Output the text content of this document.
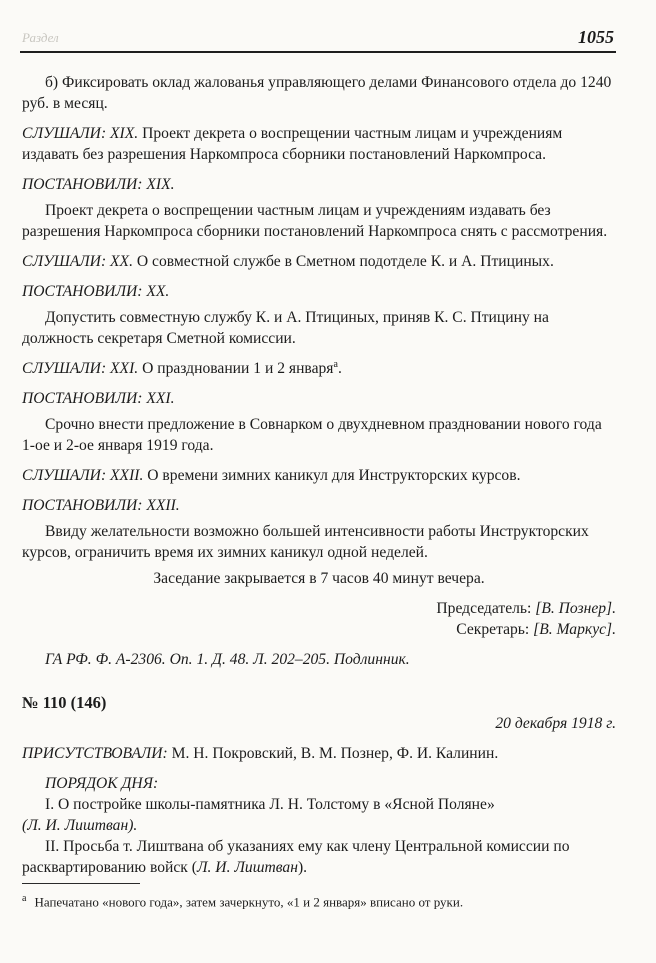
Раздел	1055

б) Фиксировать оклад жалованья управляющего делами Финансового отдела до 1240 руб. в месяц.

СЛУШАЛИ: XIX. Проект декрета о воспрещении частным лицам и учреждениям издавать без разрешения Наркомпроса сборники постановлений Наркомпроса.

ПОСТАНОВИЛИ: XIX.

Проект декрета о воспрещении частным лицам и учреждениям издавать без разрешения Наркомпроса сборники постановлений Наркомпроса снять с рассмотрения.

СЛУШАЛИ: XX. О совместной службе в Сметном подотделе К. и А. Птициных.

ПОСТАНОВИЛИ: XX.

Допустить совместную службу К. и А. Птициных, приняв К. С. Птицину на должность секретаря Сметной комиссии.

СЛУШАЛИ: XXI. О праздновании 1 и 2 января$^а$.

ПОСТАНОВИЛИ: XXI.

Срочно внести предложение в Совнарком о двухдневном праздновании нового года 1-ое и 2-ое января 1919 года.

СЛУШАЛИ: XXII. О времени зимних каникул для Инструкторских курсов.

ПОСТАНОВИЛИ: XXII.

Ввиду желательности возможно большей интенсивности работы Инструкторских курсов, ограничить время их зимних каникул одной неделей.

Заседание закрывается в 7 часов 40 минут вечера.

Председатель: [В. Познер].

Секретарь: [В. Маркус].

ГА РФ. Ф. А-2306. Оп. 1. Д. 48. Л. 202–205. Подлинник.

№ 110 (146)

20 декабря 1918 г.

ПРИСУТСТВОВАЛИ: М. Н. Покровский, В. М. Познер, Ф. И. Калинин.

ПОРЯДОК ДНЯ:

I. О постройке школы-памятника Л. Н. Толстому в «Ясной Поляне»

(Л. И. Лиштван).

II. Просьба т. Лиштвана об указаниях ему как члену Центральной комиссии по расквартированию войск (Л. И. Лиштван).

$^а$ Напечатано «нового года», затем зачеркнуто, «1 и 2 января» вписано от руки.
